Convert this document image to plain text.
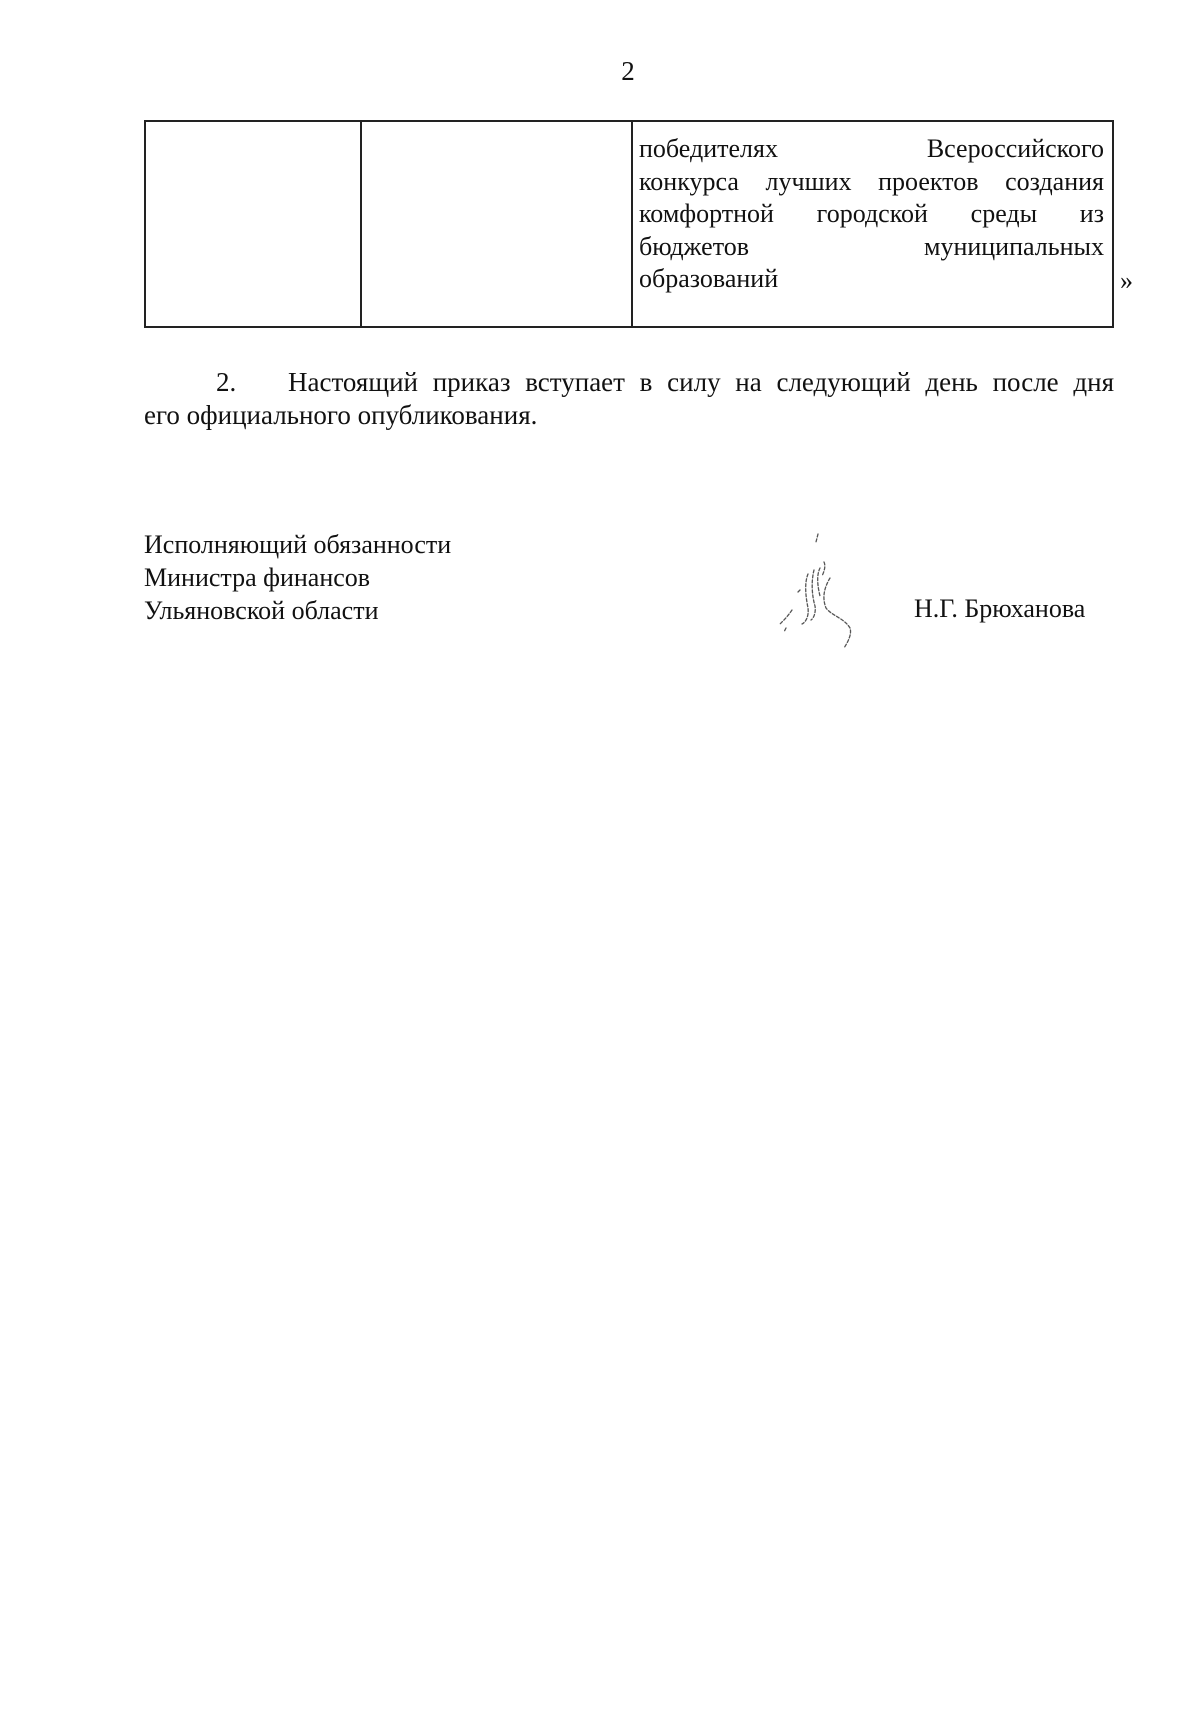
2
победителях Всероссийского
конкурса лучших проектов создания
комфортной городской среды из
бюджетов муниципальных
образований	»
2. Настоящий приказ вступает в силу на следующий день после дня
его официального опубликования.
Исполняющий обязанности
Министра финансов
Ульяновской области	Н.Г. Брюханова
